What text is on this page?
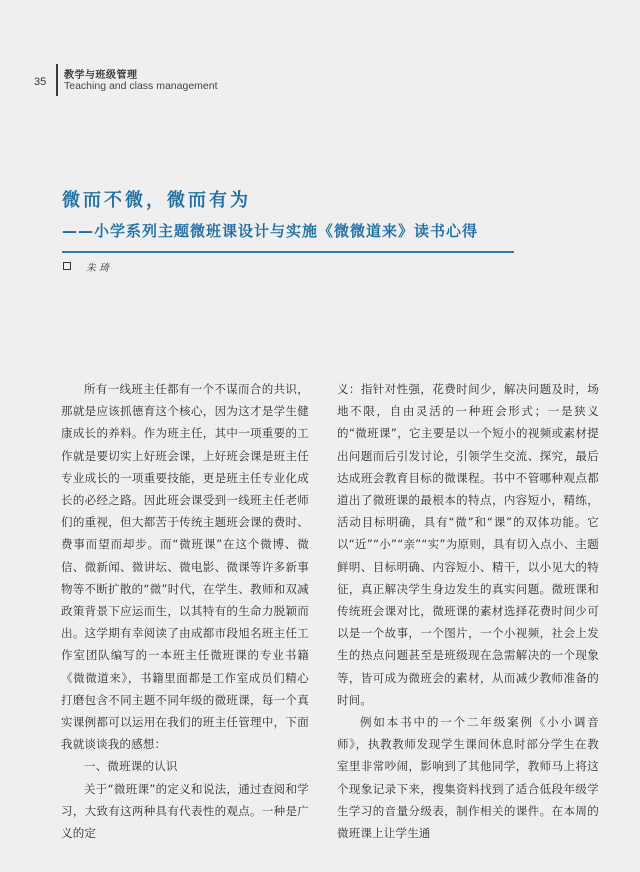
35
教学与班级管理
Teaching and class management
微而不微，微而有为
——小学系列主题微班课设计与实施《微微道来》读书心得
朱琦

所有一线班主任都有一个不谋而合的共识，那就是应该抓德育这个核心，因为这才是学生健康成长的养料。作为班主任，其中一项重要的工作就是要切实上好班会课，上好班会课是班主任专业成长的一项重要技能，更是班主任专业化成长的必经之路。因此班会课受到一线班主任老师们的重视，但大都苦于传统主题班会课的费时、费事而望而却步。而“微班课”在这个微博、微信、微新闻、微讲坛、微电影、微课等许多新事物等不断扩散的“微”时代，在学生、教师和双减政策背景下应运而生，以其特有的生命力脱颖而出。这学期有幸阅读了由成都市段旭名班主任工作室团队编写的一本班主任微班课的专业书籍《微微道来》，书籍里面都是工作室成员们精心打磨包含不同主题不同年级的微班课，每一个真实课例都可以运用在我们的班主任管理中，下面我就谈谈我的感想：

一、微班课的认识

关于“微班课”的定义和说法，通过查阅和学习，大致有这两种具有代表性的观点。一种是广义的定

义：指针对性强，花费时间少，解决问题及时，场地不限，自由灵活的一种班会形式；一是狭义的“微班课”，它主要是以一个短小的视频或素材提出问题而后引发讨论，引领学生交流、探究，最后达成班会教育目标的微课程。书中不管哪种观点都道出了微班课的最根本的特点，内容短小，精练，活动目标明确，具有“微”和“课”的双体功能。它以“近”“小”“亲”“实”为原则，具有切入点小、主题鲜明、目标明确、内容短小、精干，以小见大的特征，真正解决学生身边发生的真实问题。微班课和传统班会课对比，微班课的素材选择花费时间少可以是一个故事，一个图片，一个小视频，社会上发生的热点问题甚至是班级现在急需解决的一个现象等，皆可成为微班会的素材，从而减少教师准备的时间。

例如本书中的一个二年级案例《小小调音师》，执教教师发现学生课间休息时部分学生在教室里非常吵闹，影响到了其他同学，教师马上将这个现象记录下来，搜集资料找到了适合低段年级学生学习的音量分级表，制作相关的课件。在本周的微班课上让学生通
